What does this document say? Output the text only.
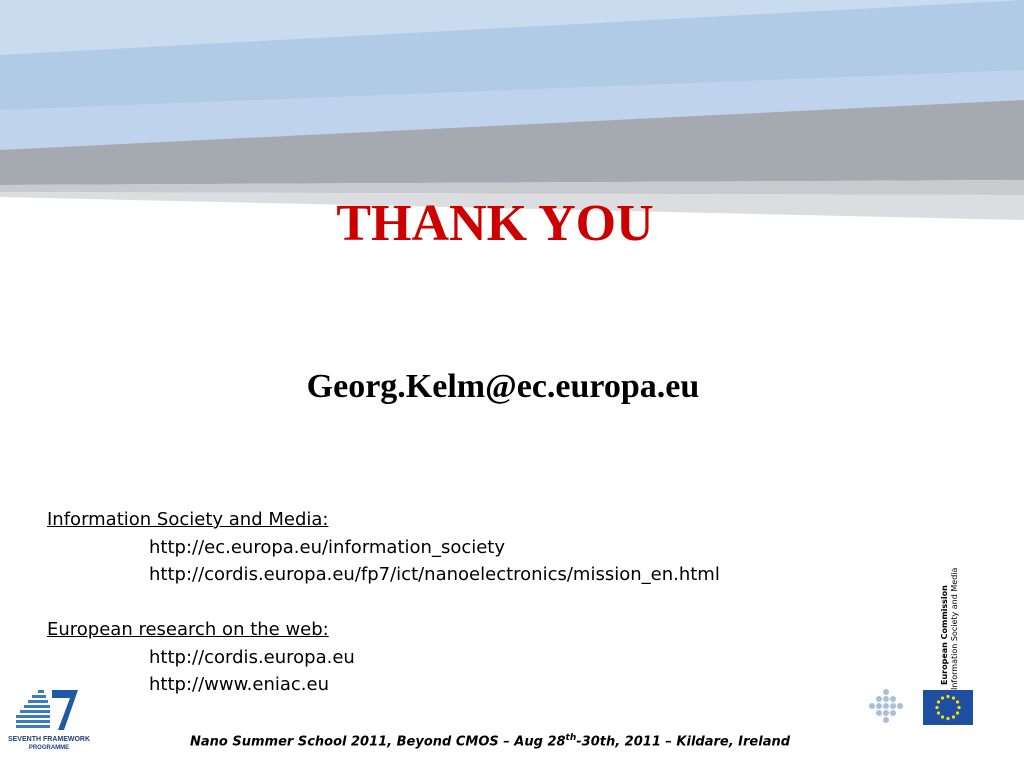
THANK YOU
Georg.Kelm@ec.europa.eu
Information Society and Media:
http://ec.europa.eu/information_society
http://cordis.europa.eu/fp7/ict/nanoelectronics/mission_en.html
European research on the web:
http://cordis.europa.eu
http://www.eniac.eu
Nano Summer School 2011, Beyond CMOS – Aug 28th-30th, 2011 – Kildare, Ireland
SEVENTH FRAMEWORK
PROGRAMME
European Commission Information Society and Media
